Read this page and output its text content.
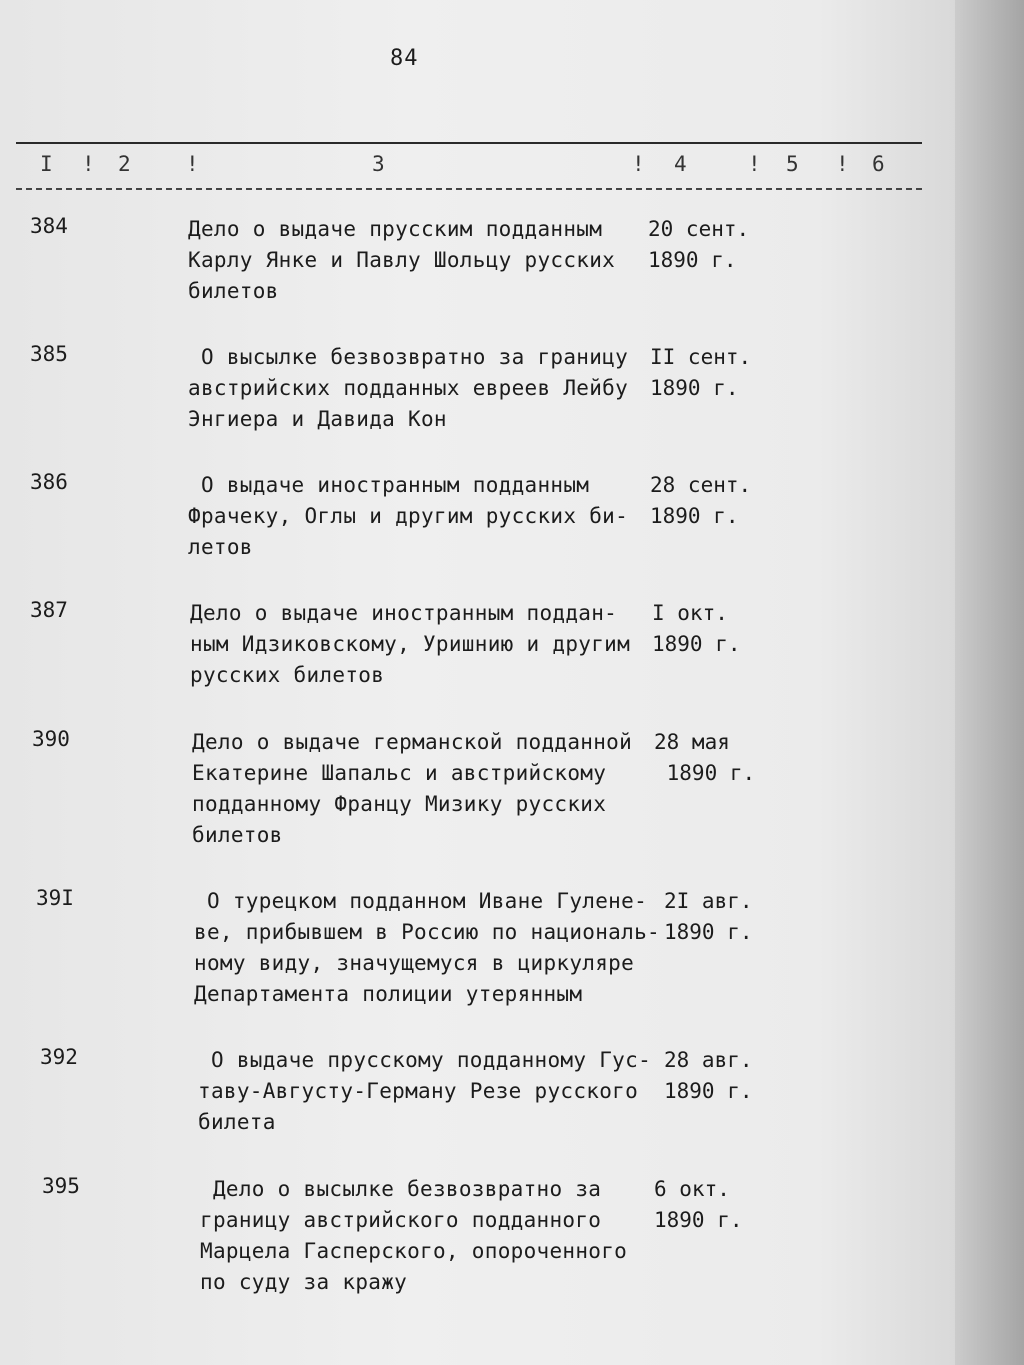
84
I ! 2	!	3	! 4	! 5 ! 6
384	Дело о выдаче прусским подданным
Карлу Янке и Павлу Шольцу русских
билетов
20 сент.
1890 г.
385	О высылке безвозвратно за границу
австрийских подданных евреев Лейбу
Энгиера и Давида Кон
II сент.
1890 г.
386	О выдаче иностранным подданным
Фрачеку, Оглы и другим русских би-
летов
28 сент.
1890 г.
387	Дело о выдаче иностранным поддан-
ным Идзиковскому, Уришнию и другим
русских билетов
I окт.
1890 г.
390	Дело о выдаче германской подданной
Екатерине Шапальс и австрийскому
подданному Францу Мизику русских
билетов
28 мая
1890 г.
39I	О турецком подданном Иване Гулене-
ве, прибывшем в Россию по националь-
ному виду, значущемуся в циркуляре
Департамента полиции утерянным
2I авг.
1890 г.
392	О выдаче прусскому подданному Гус-
таву-Августу-Герману Резе русского
билета
28 авг.
1890 г.
395	Дело о высылке безвозвратно за
границу австрийского подданного
Марцела Гасперского, опороченного
по суду за кражу
6 окт.
1890 г.
